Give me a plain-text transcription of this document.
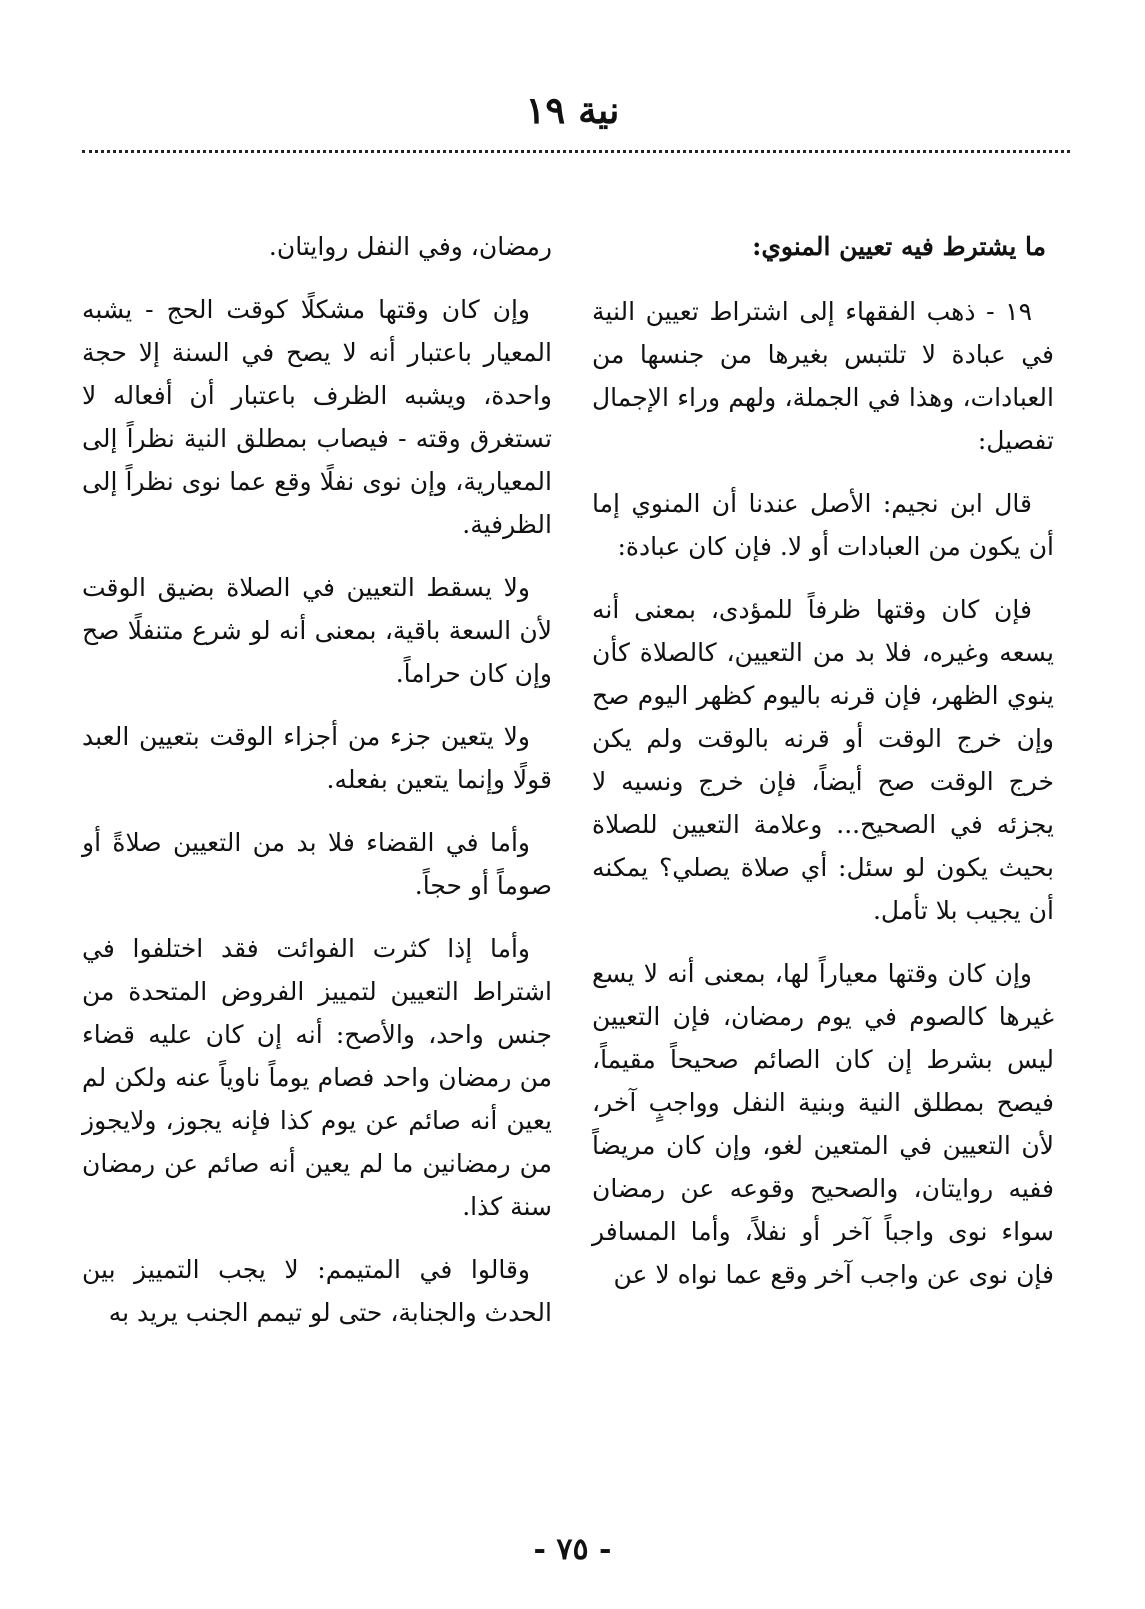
نية ١٩
ما يشترط فيه تعيين المنوي:

١٩ - ذهب الفقهاء إلى اشتراط تعيين النية في عبادة لا تلتبس بغيرها من جنسها من العبادات، وهذا في الجملة، ولهم وراء الإجمال تفصيل:

قال ابن نجيم: الأصل عندنا أن المنوي إما أن يكون من العبادات أو لا. فإن كان عبادة:

فإن كان وقتها ظرفاً للمؤدى، بمعنى أنه يسعه وغيره، فلا بد من التعيين، كالصلاة كأن ينوي الظهر، فإن قرنه باليوم كظهر اليوم صح وإن خرج الوقت أو قرنه بالوقت ولم يكن خرج الوقت صح أيضاً، فإن خرج ونسيه لا يجزئه في الصحيح... وعلامة التعيين للصلاة بحيث يكون لو سئل: أي صلاة يصلي؟ يمكنه أن يجيب بلا تأمل.

وإن كان وقتها معياراً لها، بمعنى أنه لا يسع غيرها كالصوم في يوم رمضان، فإن التعيين ليس بشرط إن كان الصائم صحيحاً مقيماً، فيصح بمطلق النية وبنية النفل وواجبٍ آخر، لأن التعيين في المتعين لغو، وإن كان مريضاً ففيه روايتان، والصحيح وقوعه عن رمضان سواء نوى واجباً آخر أو نفلاً، وأما المسافر فإن نوى عن واجب آخر وقع عما نواه لا عن

رمضان، وفي النفل روايتان.

وإن كان وقتها مشكلًا كوقت الحج - يشبه المعيار باعتبار أنه لا يصح في السنة إلا حجة واحدة، ويشبه الظرف باعتبار أن أفعاله لا تستغرق وقته - فيصاب بمطلق النية نظراً إلى المعيارية، وإن نوى نفلًا وقع عما نوى نظراً إلى الظرفية.

ولا يسقط التعيين في الصلاة بضيق الوقت لأن السعة باقية، بمعنى أنه لو شرع متنفلًا صح وإن كان حراماً.

ولا يتعين جزء من أجزاء الوقت بتعيين العبد قولًا وإنما يتعين بفعله.

وأما في القضاء فلا بد من التعيين صلاةً أو صوماً أو حجاً.

وأما إذا كثرت الفوائت فقد اختلفوا في اشتراط التعيين لتمييز الفروض المتحدة من جنس واحد، والأصح: أنه إن كان عليه قضاء من رمضان واحد فصام يوماً ناوياً عنه ولكن لم يعين أنه صائم عن يوم كذا فإنه يجوز، ولايجوز من رمضانين ما لم يعين أنه صائم عن رمضان سنة كذا.

وقالوا في المتيمم: لا يجب التمييز بين الحدث والجنابة، حتى لو تيمم الجنب يريد به

- ٧٥ -
